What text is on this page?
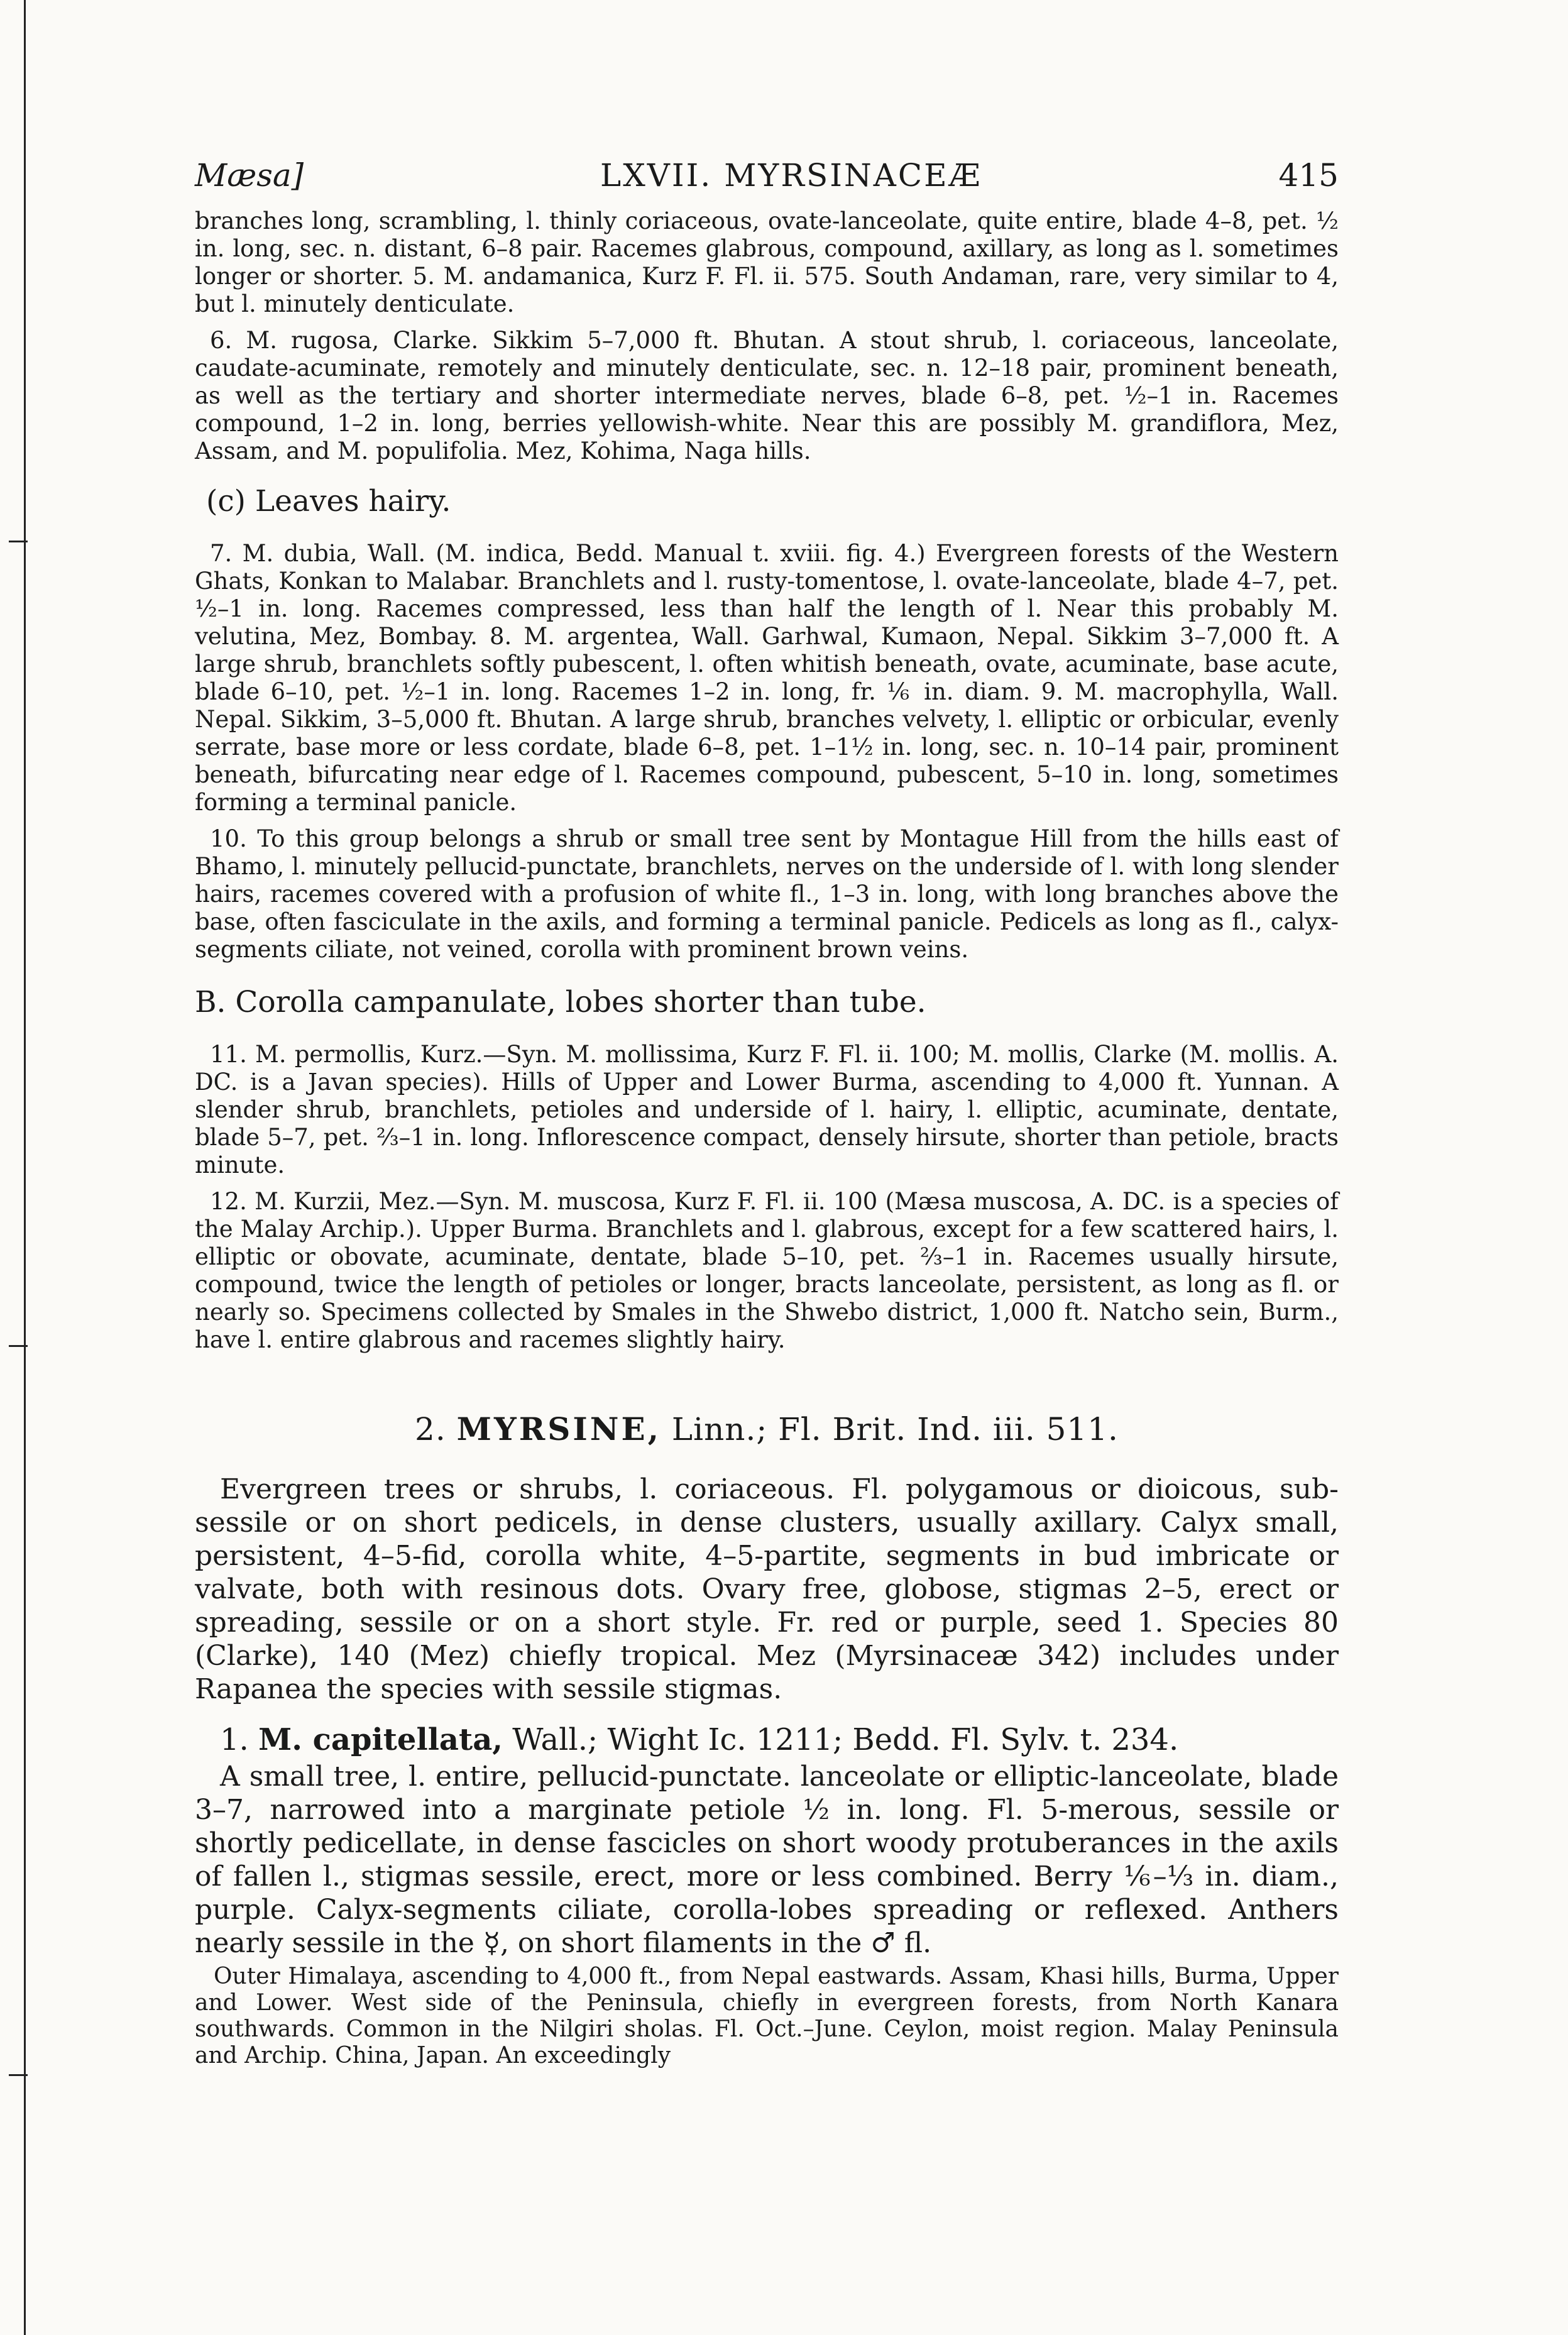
Mæsa]	LXVII. MYRSINACEÆ	415

branches long, scrambling, l. thinly coriaceous, ovate-lanceolate, quite entire, blade 4–8, pet. ½ in. long, sec. n. distant, 6–8 pair. Racemes glabrous, compound, axillary, as long as l. sometimes longer or shorter. 5. M. andamanica, Kurz F. Fl. ii. 575. South Andaman, rare, very similar to 4, but l. minutely denticulate.

6. M. rugosa, Clarke. Sikkim 5–7,000 ft. Bhutan. A stout shrub, l. coriaceous, lanceolate, caudate-acuminate, remotely and minutely denticulate, sec. n. 12–18 pair, prominent beneath, as well as the tertiary and shorter intermediate nerves, blade 6–8, pet. ½–1 in. Racemes compound, 1–2 in. long, berries yellowish-white. Near this are possibly M. grandiflora, Mez, Assam, and M. populifolia. Mez, Kohima, Naga hills.

(c) Leaves hairy.

7. M. dubia, Wall. (M. indica, Bedd. Manual t. xviii. fig. 4.) Evergreen forests of the Western Ghats, Konkan to Malabar. Branchlets and l. rusty-tomentose, l. ovate-lanceolate, blade 4–7, pet. ½–1 in. long. Racemes compressed, less than half the length of l. Near this probably M. velutina, Mez, Bombay. 8. M. argentea, Wall. Garhwal, Kumaon, Nepal. Sikkim 3–7,000 ft. A large shrub, branchlets softly pubescent, l. often whitish beneath, ovate, acuminate, base acute, blade 6–10, pet. ½–1 in. long. Racemes 1–2 in. long, fr. ⅙ in. diam. 9. M. macrophylla, Wall. Nepal. Sikkim, 3–5,000 ft. Bhutan. A large shrub, branches velvety, l. elliptic or orbicular, evenly serrate, base more or less cordate, blade 6–8, pet. 1–1½ in. long, sec. n. 10–14 pair, prominent beneath, bifurcating near edge of l. Racemes compound, pubescent, 5–10 in. long, sometimes forming a terminal panicle.

10. To this group belongs a shrub or small tree sent by Montague Hill from the hills east of Bhamo, l. minutely pellucid-punctate, branchlets, nerves on the underside of l. with long slender hairs, racemes covered with a profusion of white fl., 1–3 in. long, with long branches above the base, often fasciculate in the axils, and forming a terminal panicle. Pedicels as long as fl., calyx-segments ciliate, not veined, corolla with prominent brown veins.

B. Corolla campanulate, lobes shorter than tube.

11. M. permollis, Kurz.—Syn. M. mollissima, Kurz F. Fl. ii. 100; M. mollis, Clarke (M. mollis. A. DC. is a Javan species). Hills of Upper and Lower Burma, ascending to 4,000 ft. Yunnan. A slender shrub, branchlets, petioles and underside of l. hairy, l. elliptic, acuminate, dentate, blade 5–7, pet. ⅔–1 in. long. Inflorescence compact, densely hirsute, shorter than petiole, bracts minute.

12. M. Kurzii, Mez.—Syn. M. muscosa, Kurz F. Fl. ii. 100 (Mæsa muscosa, A. DC. is a species of the Malay Archip.). Upper Burma. Branchlets and l. glabrous, except for a few scattered hairs, l. elliptic or obovate, acuminate, dentate, blade 5–10, pet. ⅔–1 in. Racemes usually hirsute, compound, twice the length of petioles or longer, bracts lanceolate, persistent, as long as fl. or nearly so. Specimens collected by Smales in the Shwebo district, 1,000 ft. Natcho sein, Burm., have l. entire glabrous and racemes slightly hairy.

2. MYRSINE, Linn.; Fl. Brit. Ind. iii. 511.

Evergreen trees or shrubs, l. coriaceous. Fl. polygamous or dioicous, sub-sessile or on short pedicels, in dense clusters, usually axillary. Calyx small, persistent, 4–5-fid, corolla white, 4–5-partite, segments in bud imbricate or valvate, both with resinous dots. Ovary free, globose, stigmas 2–5, erect or spreading, sessile or on a short style. Fr. red or purple, seed 1. Species 80 (Clarke), 140 (Mez) chiefly tropical. Mez (Myrsinaceæ 342) includes under Rapanea the species with sessile stigmas.

1. M. capitellata, Wall.; Wight Ic. 1211; Bedd. Fl. Sylv. t. 234.

A small tree, l. entire, pellucid-punctate. lanceolate or elliptic-lanceolate, blade 3–7, narrowed into a marginate petiole ½ in. long. Fl. 5-merous, sessile or shortly pedicellate, in dense fascicles on short woody protuberances in the axils of fallen l., stigmas sessile, erect, more or less combined. Berry ⅙–⅓ in. diam., purple. Calyx-segments ciliate, corolla-lobes spreading or reflexed. Anthers nearly sessile in the ☿, on short filaments in the ♂ fl.

Outer Himalaya, ascending to 4,000 ft., from Nepal eastwards. Assam, Khasi hills, Burma, Upper and Lower. West side of the Peninsula, chiefly in evergreen forests, from North Kanara southwards. Common in the Nilgiri sholas. Fl. Oct.–June. Ceylon, moist region. Malay Peninsula and Archip. China, Japan. An exceedingly
